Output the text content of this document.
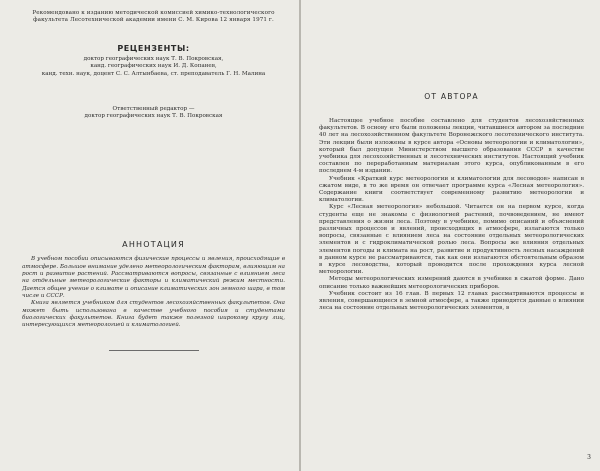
Рекомендовано к изданию методической комиссией химико-технологического факультета Лесотехнической академии имени С. М. Кирова 12 января 1971 г.
РЕЦЕНЗЕНТЫ:
доктор географических наук Т. В. Покровская,
канд. географических наук И. Д. Копанев,
канд. техн. наук, доцент С. С. Алтынбаева, ст. преподаватель Г. Н. Малина
Ответственный редактор —
доктор географических наук Т. В. Покровская
АННОТАЦИЯ

В учебном пособии описываются физические процессы и явления, происходящие в атмосфере. Большое внимание уделено метеорологическим факторам, влияющим на рост и развитие растений. Рассматриваются вопросы, связанные с влиянием леса на отдельные метеорологические факторы и климатический режим местности. Дается общее учение о климате и описание климатических зон земного шара, в том числе и СССР.

Книга является учебником для студентов лесохозяйственных факультетов. Она может быть использована в качестве учебного пособия и студентами биологических факультетов. Книга будет также полезной широкому кругу лиц, интересующихся метеорологией и климатологией.

ОТ АВТОРА

Настоящее учебное пособие составлено для студентов лесохозяйственных факультетов. В основу его были положены лекции, читавшиеся автором за последние 40 лет на лесохозяйственном факультете Воронежского лесотехнического института. Эти лекции были изложены в курсе автора «Основы метеорологии и климатологии», который был допущен Министерством высшего образования СССР в качестве учебника для лесохозяйственных и лесотехнических институтов. Настоящий учебник составлен по переработанным материалам этого курса, опубликованным в его последнем 4-м издании.

Учебник «Краткий курс метеорологии и климатологии для лесоводов» написан в сжатом виде, в то же время он отвечает программе курса «Лесная метеорология». Содержание книги соответствует современному развитию метеорологии и климатологии.

Курс «Лесная метеорология» небольшой. Читается он на первом курсе, когда студенты еще не знакомы с физиологией растений, почвоведением, не имеют представления о жизни леса. Поэтому в учебнике, помимо описаний и объяснений различных процессов и явлений, происходящих в атмосфере, излагаются только вопросы, связанные с влиянием леса на состояние отдельных метеорологических элементов и с гидроклиматической ролью леса. Вопросы же влияния отдельных элементов погоды и климата на рост, развитие и продуктивность лесных насаждений в данном курсе не рассматриваются, так как они излагаются обстоятельным образом в курсе лесоводства, который проводится после прохождения курса лесной метеорологии.

Методы метеорологических измерений даются в учебнике в сжатой форме. Дано описание только важнейших метеорологических приборов.

Учебник состоит из 16 глав. В первых 12 главах рассматриваются процессы и явления, совершающиеся в земной атмосфере, а также приводятся данные о влиянии леса на состояние отдельных метеорологических элементов, в

3
